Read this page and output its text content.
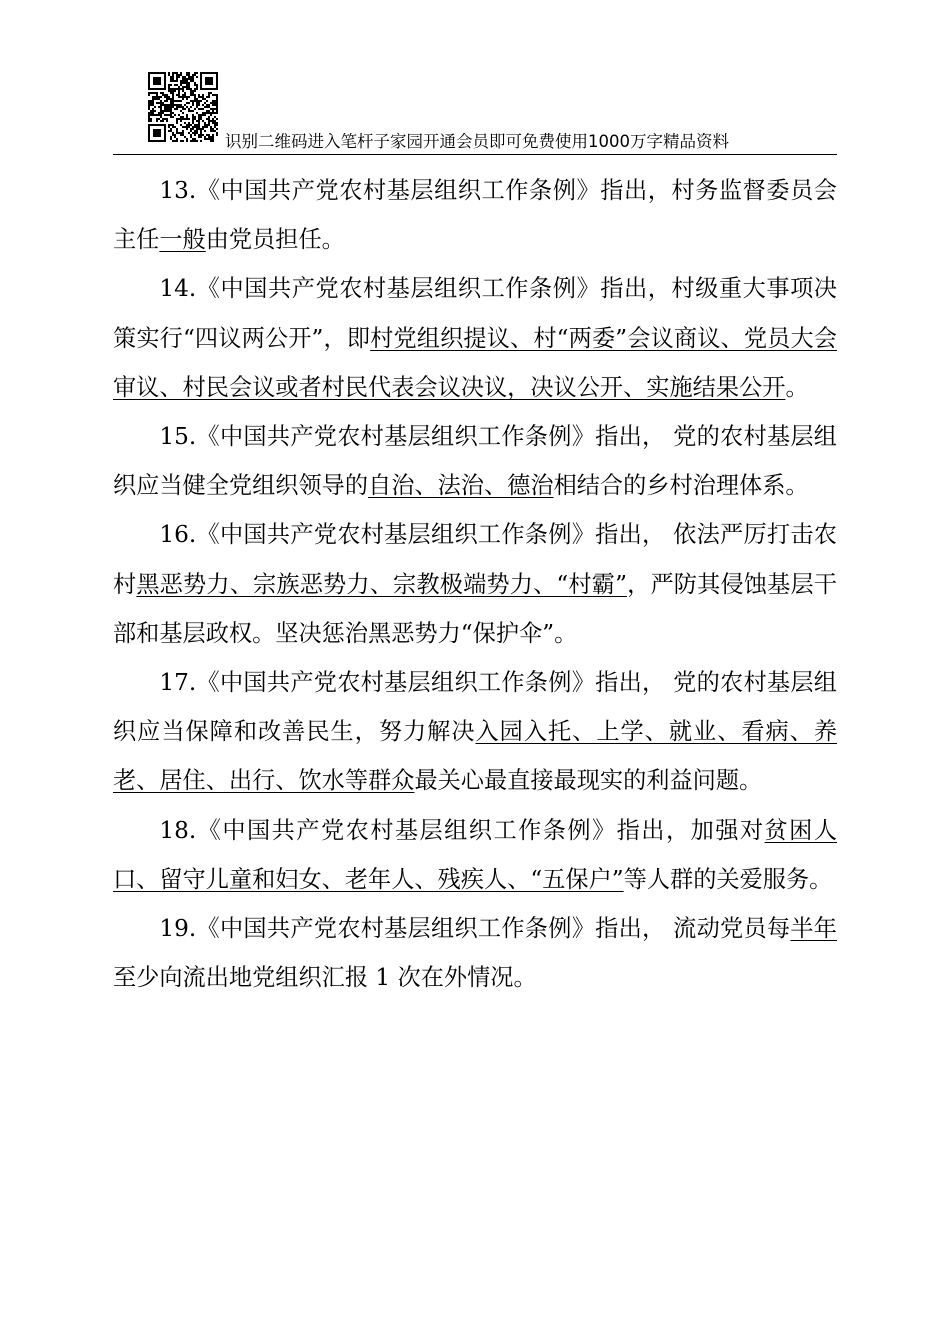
识别二维码进入笔杆子家园开通会员即可免费使用1000万字精品资料

13.《中国共产党农村基层组织工作条例》指出，村务监督委员会主任一般由党员担任。

14.《中国共产党农村基层组织工作条例》指出，村级重大事项决策实行“四议两公开”，即村党组织提议、村“两委”会议商议、党员大会审议、村民会议或者村民代表会议决议，决议公开、实施结果公开。

15.《中国共产党农村基层组织工作条例》指出， 党的农村基层组织应当健全党组织领导的自治、法治、德治相结合的乡村治理体系。

16.《中国共产党农村基层组织工作条例》指出， 依法严厉打击农村黑恶势力、宗族恶势力、宗教极端势力、“村霸”，严防其侵蚀基层干部和基层政权。坚决惩治黑恶势力“保护伞”。

17.《中国共产党农村基层组织工作条例》指出， 党的农村基层组织应当保障和改善民生，努力解决入园入托、上学、就业、看病、养老、居住、出行、饮水等群众最关心最直接最现实的利益问题。

18.《中国共产党农村基层组织工作条例》指出，加强对贫困人口、留守儿童和妇女、老年人、残疾人、“五保户”等人群的关爱服务。

19.《中国共产党农村基层组织工作条例》指出， 流动党员每半年至少向流出地党组织汇报 1 次在外情况。
